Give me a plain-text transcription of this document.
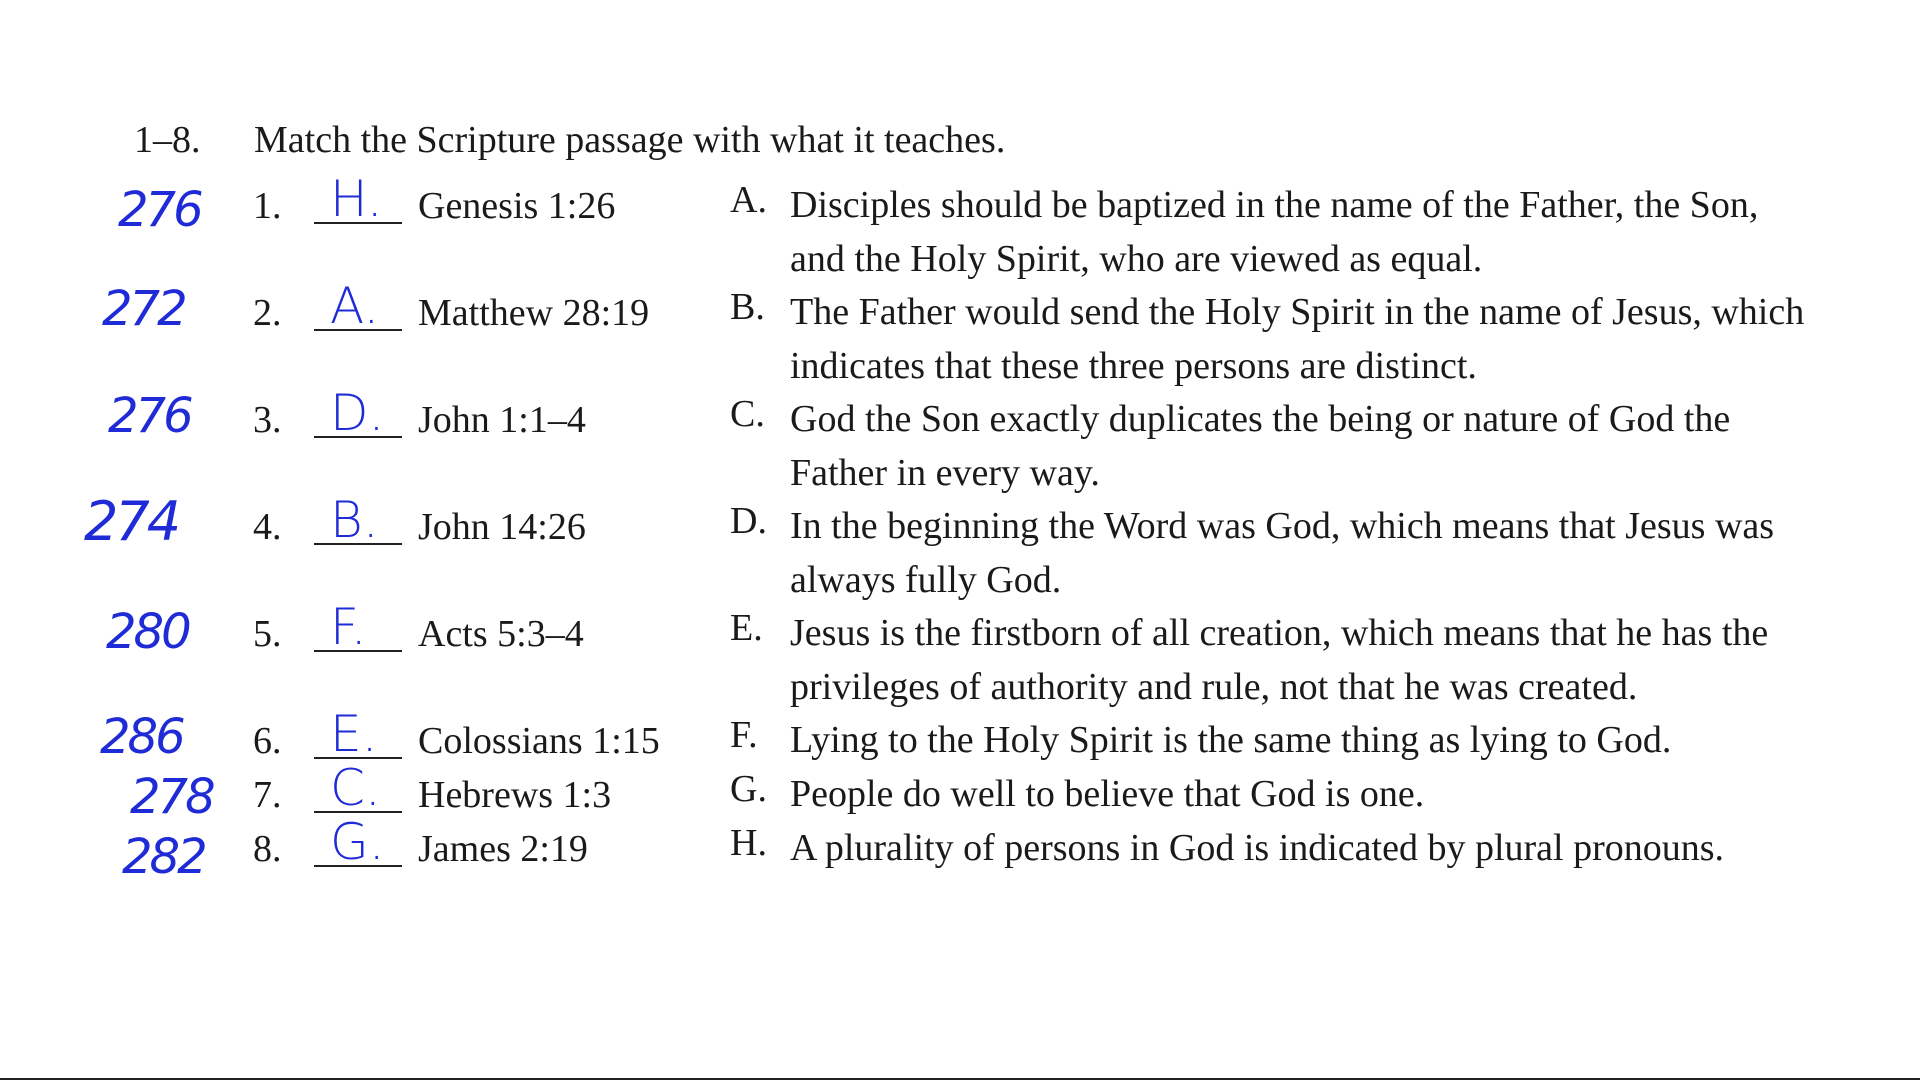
1–8. Match the Scripture passage with what it teaches.
276 1. H. Genesis 1:26
272 2. A. Matthew 28:19
276 3. D. John 1:1–4
274 4. B. John 14:26
280 5. F. Acts 5:3–4
286 6. E. Colossians 1:15
278 7. C. Hebrews 1:3
282 8. G. James 2:19
A. Disciples should be baptized in the name of the Father, the Son, and the Holy Spirit, who are viewed as equal.
B. The Father would send the Holy Spirit in the name of Jesus, which indicates that these three persons are distinct.
C. God the Son exactly duplicates the being or nature of God the Father in every way.
D. In the beginning the Word was God, which means that Jesus was always fully God.
E. Jesus is the firstborn of all creation, which means that he has the privileges of authority and rule, not that he was created.
F. Lying to the Holy Spirit is the same thing as lying to God.
G. People do well to believe that God is one.
H. A plurality of persons in God is indicated by plural pronouns.
